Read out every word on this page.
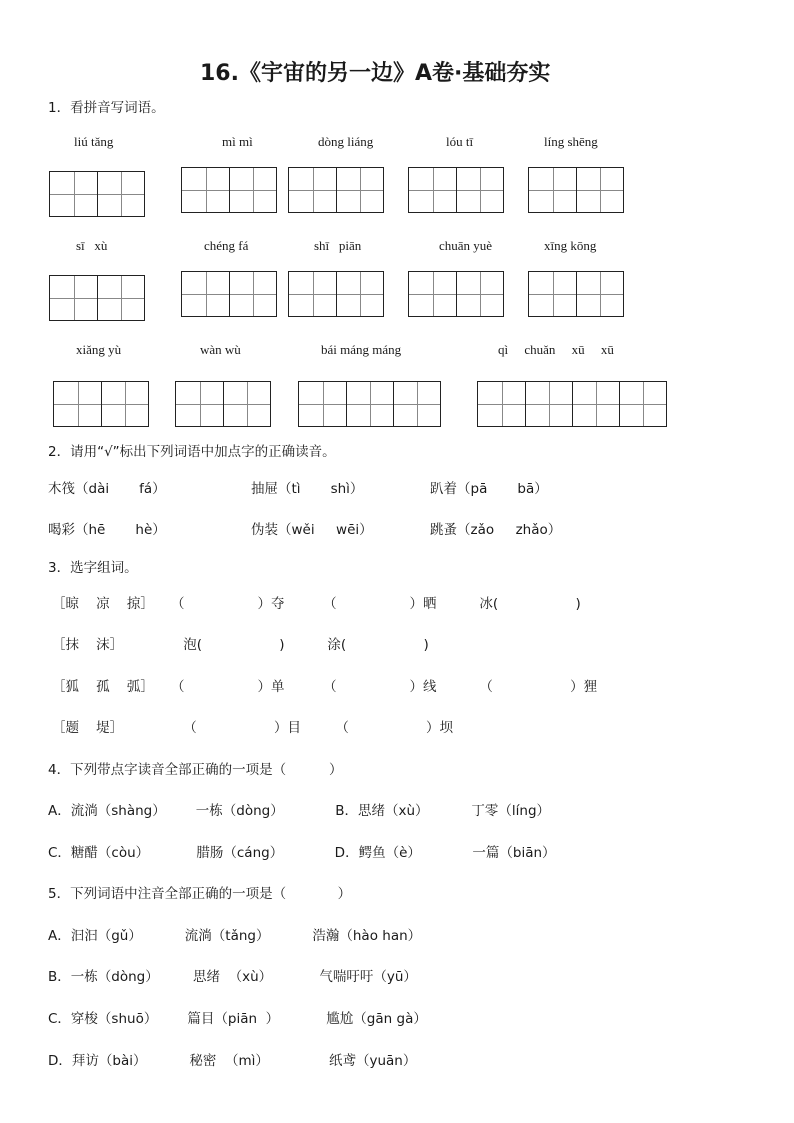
16.《宇宙的另一边》A卷·基础夯实
1．看拼音写词语。
liú tǎng	mì mì	dòng liáng	lóu tī	líng shēng
sī   xù	chéng fá	shī   piān	chuān yuè	xīng kōng
xiǎng yù	wàn wù	bái máng máng	qì     chuǎn     xū     xū
2．请用“√”标出下列词语中加点字的正确读音。
木筏（dài       fá）	抽屉（tì       shì）	趴着（pā       bā）
喝彩（hē       hè）	伪装（wěi     wēi）	跳蚤（zǎo     zhǎo）
3．选字组词。
［晾    凉    掠］    （                 ）夺         （                 ）晒          冰(                  )
［抹    沫］              泡(                  )          涂(                  )
［狐    孤    弧］    （                 ）单         （                 ）线          （                  ）狸
［题    堤］              （                  ）目        （                  ）坝
4．下列带点字读音全部正确的一项是（          ）
A．流淌（shàng）       一栋（dòng）            B．思绪（xù）          丁零（líng）
C．糖醋（còu）           腊肠（cáng）            D．鳄鱼（è）            一篇（biān）
5．下列词语中注音全部正确的一项是（            ）
A．汩汩（gǔ）          流淌（tǎng）          浩瀚（hào han）
B．一栋（dòng）        思绪  （xù）           气喘吁吁（yū）
C．穿梭（shuō）       篇目（piān  ）           尴尬（gān gà）
D．拜访（bài）          秘密  （mì）              纸鸢（yuān）
